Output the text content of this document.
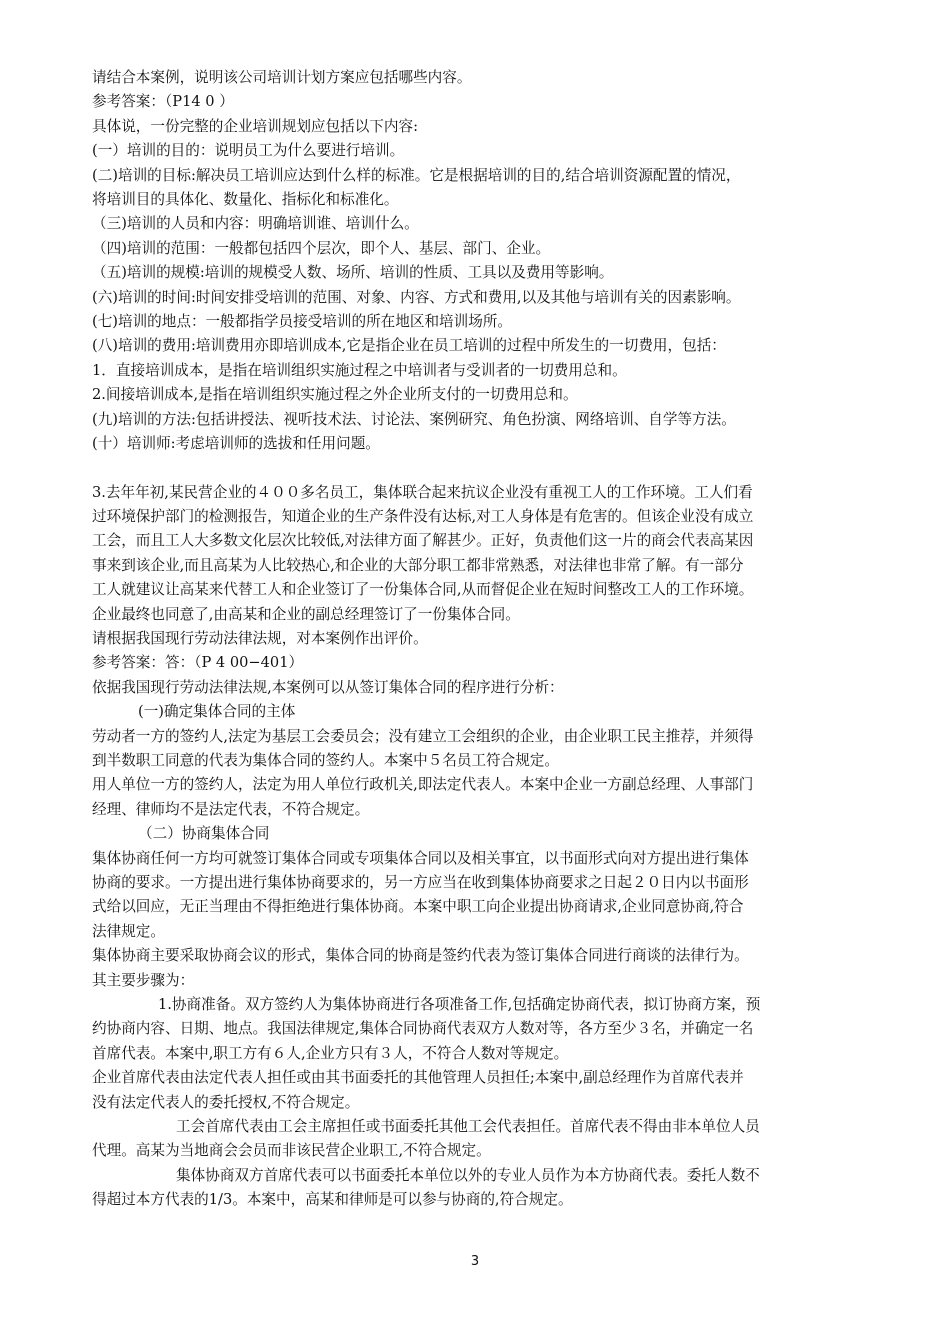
请结合本案例，说明该公司培训计划方案应包括哪些内容。

参考答案：（P14 0 ）

具体说，一份完整的企业培训规划应包括以下内容:

(一）培训的目的：说明员工为什么要进行培训。

(二)培训的目标:解决员工培训应达到什么样的标准。它是根据培训的目的,结合培训资源配置的情况，

将培训目的具体化、数量化、指标化和标准化。

（三)培训的人员和内容：明确培训谁、培训什么。

（四)培训的范围：一般都包括四个层次，即个人、基层、部门、企业。

（五)培训的规模:培训的规模受人数、场所、培训的性质、工具以及费用等影响。

(六)培训的时间:时间安排受培训的范围、对象、内容、方式和费用,以及其他与培训有关的因素影响。

(七)培训的地点：一般都指学员接受培训的所在地区和培训场所。

(八)培训的费用:培训费用亦即培训成本,它是指企业在员工培训的过程中所发生的一切费用，包括：

1．直接培训成本，是指在培训组织实施过程之中培训者与受训者的一切费用总和。

2.间接培训成本,是指在培训组织实施过程之外企业所支付的一切费用总和。

(九)培训的方法:包括讲授法、视听技术法、讨论法、案例研究、角色扮演、网络培训、自学等方法。

(十）培训师:考虑培训师的选拔和任用问题。

3.去年年初,某民营企业的４００多名员工，集体联合起来抗议企业没有重视工人的工作环境。工人们看

过环境保护部门的检测报告，知道企业的生产条件没有达标,对工人身体是有危害的。但该企业没有成立

工会，而且工人大多数文化层次比较低,对法律方面了解甚少。正好，负责他们这一片的商会代表高某因

事来到该企业,而且高某为人比较热心,和企业的大部分职工都非常熟悉，对法律也非常了解。有一部分

工人就建议让高某来代替工人和企业签订了一份集体合同,从而督促企业在短时间整改工人的工作环境。

企业最终也同意了,由高某和企业的副总经理签订了一份集体合同。

请根据我国现行劳动法律法规，对本案例作出评价。

参考答案：答：（P 4 00−401）

依据我国现行劳动法律法规,本案例可以从签订集体合同的程序进行分析：

(一)确定集体合同的主体

劳动者一方的签约人,法定为基层工会委员会；没有建立工会组织的企业，由企业职工民主推荐，并须得

到半数职工同意的代表为集体合同的签约人。本案中５名员工符合规定。

用人单位一方的签约人，法定为用人单位行政机关,即法定代表人。本案中企业一方副总经理、人事部门

经理、律师均不是法定代表，不符合规定。

（二）协商集体合同

集体协商任何一方均可就签订集体合同或专项集体合同以及相关事宜，以书面形式向对方提出进行集体

协商的要求。一方提出进行集体协商要求的，另一方应当在收到集体协商要求之日起２０日内以书面形

式给以回应，无正当理由不得拒绝进行集体协商。本案中职工向企业提出协商请求,企业同意协商,符合

法律规定。

集体协商主要采取协商会议的形式，集体合同的协商是签约代表为签订集体合同进行商谈的法律行为。

其主要步骤为：

1.协商准备。双方签约人为集体协商进行各项准备工作,包括确定协商代表，拟订协商方案，预

约协商内容、日期、地点。我国法律规定,集体合同协商代表双方人数对等，各方至少３名，并确定一名

首席代表。本案中,职工方有６人,企业方只有３人，不符合人数对等规定。

企业首席代表由法定代表人担任或由其书面委托的其他管理人员担任;本案中,副总经理作为首席代表并

没有法定代表人的委托授权,不符合规定。

工会首席代表由工会主席担任或书面委托其他工会代表担任。首席代表不得由非本单位人员

代理。高某为当地商会会员而非该民营企业职工,不符合规定。

集体协商双方首席代表可以书面委托本单位以外的专业人员作为本方协商代表。委托人数不

得超过本方代表的1/3。本案中，高某和律师是可以参与协商的,符合规定。

3
